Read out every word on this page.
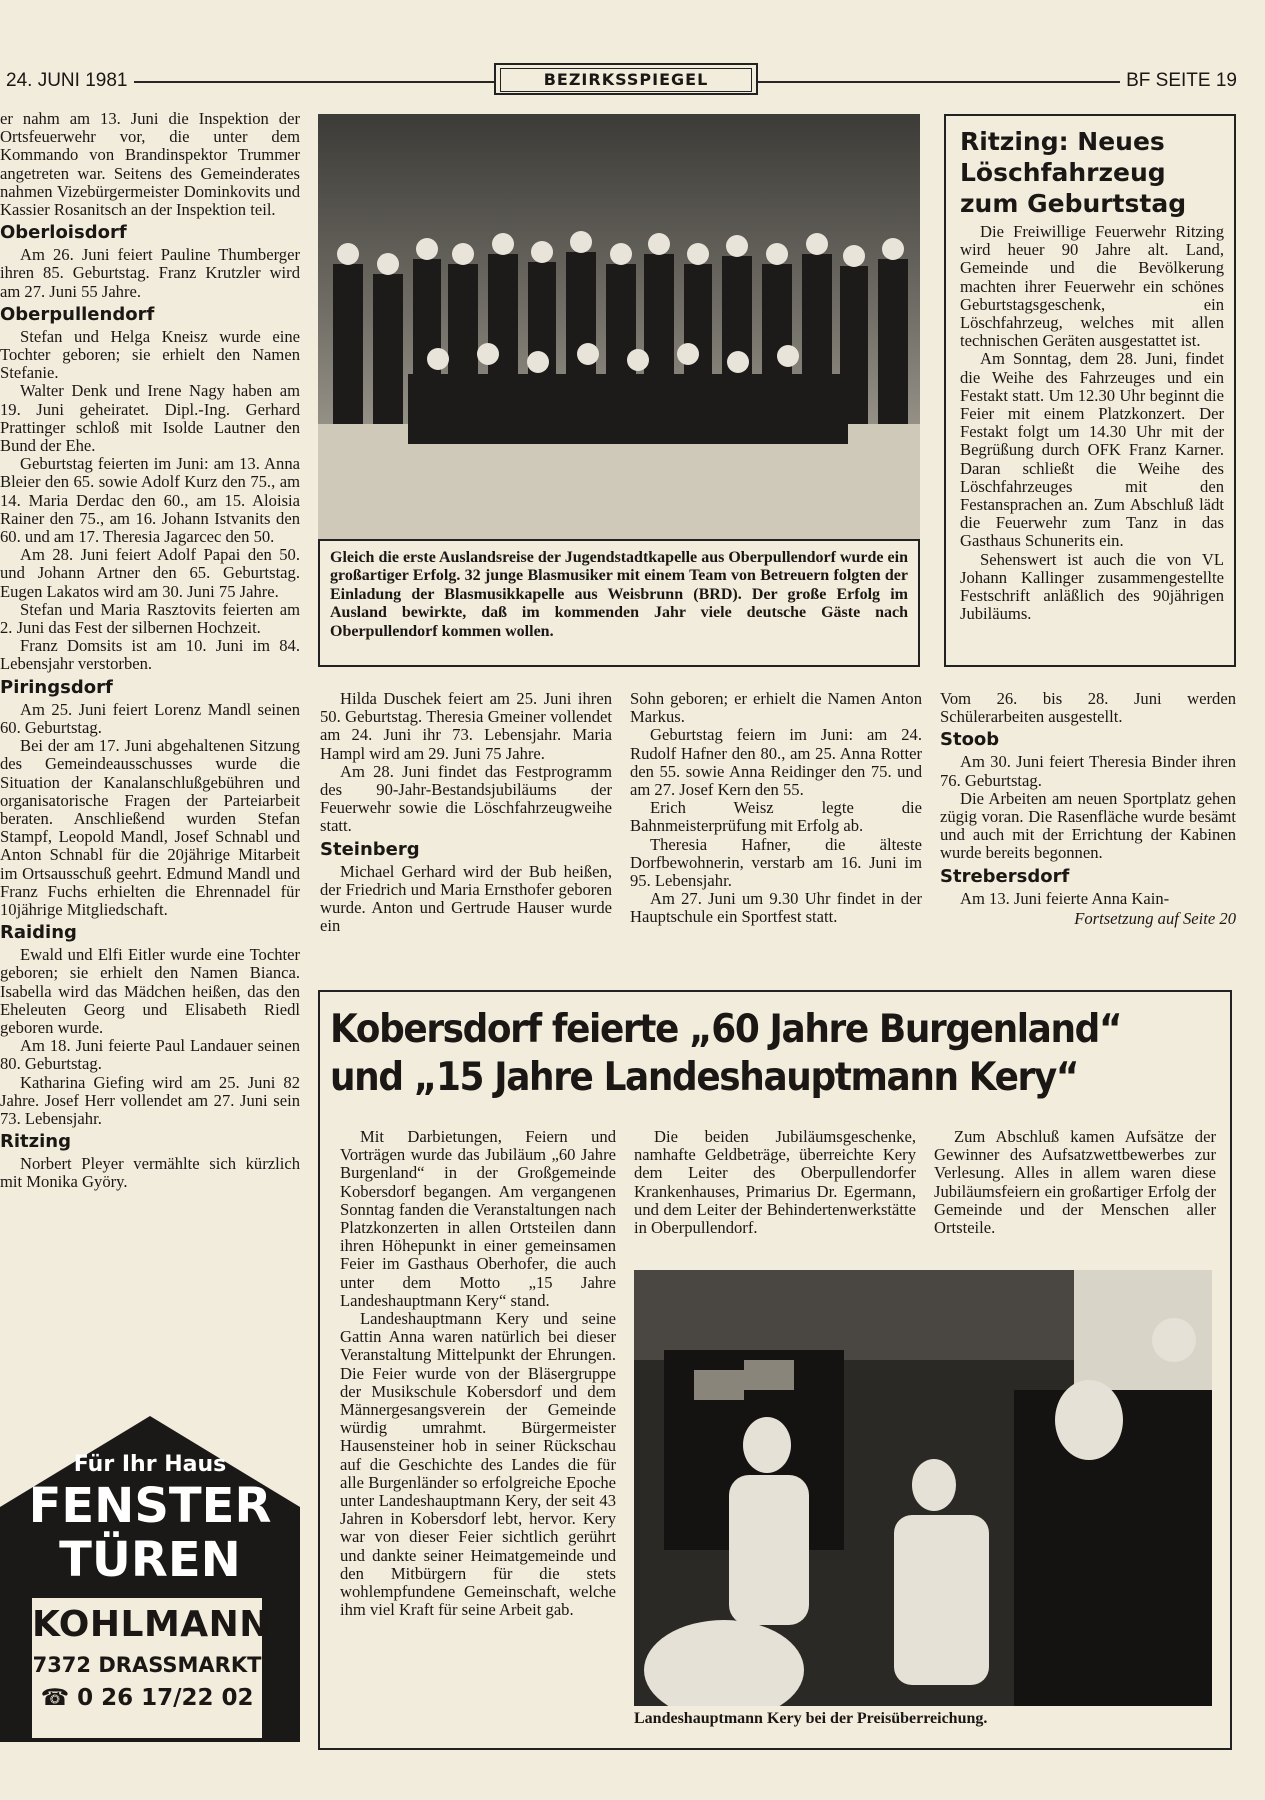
24. JUNI 1981	BEZIRKSSPIEGEL	BF SEITE 19

er nahm am 13. Juni die Inspektion der Ortsfeuerwehr vor, die unter dem Kommando von Brandinspektor Trummer angetreten war. Seitens des Gemeinderates nahmen Vizebürgermeister Dominkovits und Kassier Rosanitsch an der Inspektion teil.

Oberloisdorf

Am 26. Juni feiert Pauline Thumberger ihren 85. Geburtstag. Franz Krutzler wird am 27. Juni 55 Jahre.

Oberpullendorf

Stefan und Helga Kneisz wurde eine Tochter geboren; sie erhielt den Namen Stefanie.

Walter Denk und Irene Nagy haben am 19. Juni geheiratet. Dipl.-Ing. Gerhard Prattinger schloß mit Isolde Lautner den Bund der Ehe.

Geburtstag feierten im Juni: am 13. Anna Bleier den 65. sowie Adolf Kurz den 75., am 14. Maria Derdac den 60., am 15. Aloisia Rainer den 75., am 16. Johann Istvanits den 60. und am 17. Theresia Jagarcec den 50.

Am 28. Juni feiert Adolf Papai den 50. und Johann Artner den 65. Geburtstag. Eugen Lakatos wird am 30. Juni 75 Jahre.

Stefan und Maria Rasztovits feierten am 2. Juni das Fest der silbernen Hochzeit.

Franz Domsits ist am 10. Juni im 84. Lebensjahr verstorben.

Piringsdorf

Am 25. Juni feiert Lorenz Mandl seinen 60. Geburtstag.

Bei der am 17. Juni abgehaltenen Sitzung des Gemeindeausschusses wurde die Situation der Kanalanschlußgebühren und organisatorische Fragen der Parteiarbeit beraten. Anschließend wurden Stefan Stampf, Leopold Mandl, Josef Schnabl und Anton Schnabl für die 20jährige Mitarbeit im Ortsausschuß geehrt. Edmund Mandl und Franz Fuchs erhielten die Ehrennadel für 10jährige Mitgliedschaft.

Raiding

Ewald und Elfi Eitler wurde eine Tochter geboren; sie erhielt den Namen Bianca. Isabella wird das Mädchen heißen, das den Eheleuten Georg und Elisabeth Riedl geboren wurde.

Am 18. Juni feierte Paul Landauer seinen 80. Geburtstag.

Katharina Giefing wird am 25. Juni 82 Jahre. Josef Herr vollendet am 27. Juni sein 73. Lebensjahr.

Ritzing

Norbert Pleyer vermählte sich kürzlich mit Monika Györy.

Für Ihr Haus
FENSTER
TÜREN
KOHLMANN
7372 DRASSMARKT
☎ 0 26 17/22 02
Gleich die erste Auslandsreise der Jugendstadtkapelle aus Oberpullendorf wurde ein großartiger Erfolg. 32 junge Blasmusiker mit einem Team von Betreuern folgten der Einladung der Blasmusikkapelle aus Weisbrunn (BRD). Der große Erfolg im Ausland bewirkte, daß im kommenden Jahr viele deutsche Gäste nach Oberpullendorf kommen wollen.
Ritzing: Neues Löschfahrzeug zum Geburtstag

Die Freiwillige Feuerwehr Ritzing wird heuer 90 Jahre alt. Land, Gemeinde und die Bevölkerung machten ihrer Feuerwehr ein schönes Geburtstagsgeschenk, ein Löschfahrzeug, welches mit allen technischen Geräten ausgestattet ist.

Am Sonntag, dem 28. Juni, findet die Weihe des Fahrzeuges und ein Festakt statt. Um 12.30 Uhr beginnt die Feier mit einem Platzkonzert. Der Festakt folgt um 14.30 Uhr mit der Begrüßung durch OFK Franz Karner. Daran schließt die Weihe des Löschfahrzeuges mit den Festansprachen an. Zum Abschluß lädt die Feuerwehr zum Tanz in das Gasthaus Schunerits ein.

Sehenswert ist auch die von VL Johann Kallinger zusammengestellte Festschrift anläßlich des 90jährigen Jubiläums.

Hilda Duschek feiert am 25. Juni ihren 50. Geburtstag. Theresia Gmeiner vollendet am 24. Juni ihr 73. Lebensjahr. Maria Hampl wird am 29. Juni 75 Jahre.

Am 28. Juni findet das Festprogramm des 90-Jahr-Bestandsjubiläums der Feuerwehr sowie die Löschfahrzeugweihe statt.

Steinberg

Michael Gerhard wird der Bub heißen, der Friedrich und Maria Ernsthofer geboren wurde. Anton und Gertrude Hauser wurde ein

Sohn geboren; er erhielt die Namen Anton Markus.

Geburtstag feiern im Juni: am 24. Rudolf Hafner den 80., am 25. Anna Rotter den 55. sowie Anna Reidinger den 75. und am 27. Josef Kern den 55.

Erich Weisz legte die Bahnmeisterprüfung mit Erfolg ab.

Theresia Hafner, die älteste Dorfbewohnerin, verstarb am 16. Juni im 95. Lebensjahr.

Am 27. Juni um 9.30 Uhr findet in der Hauptschule ein Sportfest statt.

Vom 26. bis 28. Juni werden Schülerarbeiten ausgestellt.

Stoob

Am 30. Juni feiert Theresia Binder ihren 76. Geburtstag.

Die Arbeiten am neuen Sportplatz gehen zügig voran. Die Rasenfläche wurde besämt und auch mit der Errichtung der Kabinen wurde bereits begonnen.

Strebersdorf

Am 13. Juni feierte Anna Kain-

Fortsetzung auf Seite 20
Kobersdorf feierte „60 Jahre Burgenland“
und „15 Jahre Landeshauptmann Kery“

Mit Darbietungen, Feiern und Vorträgen wurde das Jubiläum „60 Jahre Burgenland“ in der Großgemeinde Kobersdorf begangen. Am vergangenen Sonntag fanden die Veranstaltungen nach Platzkonzerten in allen Ortsteilen dann ihren Höhepunkt in einer gemeinsamen Feier im Gasthaus Oberhofer, die auch unter dem Motto „15 Jahre Landeshauptmann Kery“ stand.

Landeshauptmann Kery und seine Gattin Anna waren natürlich bei dieser Veranstaltung Mittelpunkt der Ehrungen. Die Feier wurde von der Bläsergruppe der Musikschule Kobersdorf und dem Männergesangsverein der Gemeinde würdig umrahmt. Bürgermeister Hausensteiner hob in seiner Rückschau auf die Geschichte des Landes die für alle Burgenländer so erfolgreiche Epoche unter Landeshauptmann Kery, der seit 43 Jahren in Kobersdorf lebt, hervor. Kery war von dieser Feier sichtlich gerührt und dankte seiner Heimatgemeinde und den Mitbürgern für die stets wohlempfundene Gemeinschaft, welche ihm viel Kraft für seine Arbeit gab.

Die beiden Jubiläumsgeschenke, namhafte Geldbeträge, überreichte Kery dem Leiter des Oberpullendorfer Krankenhauses, Primarius Dr. Egermann, und dem Leiter der Behindertenwerkstätte in Oberpullendorf.

Zum Abschluß kamen Aufsätze der Gewinner des Aufsatzwettbewerbes zur Verlesung. Alles in allem waren diese Jubiläumsfeiern ein großartiger Erfolg der Gemeinde und der Menschen aller Ortsteile.

Landeshauptmann Kery bei der Preisüberreichung.
